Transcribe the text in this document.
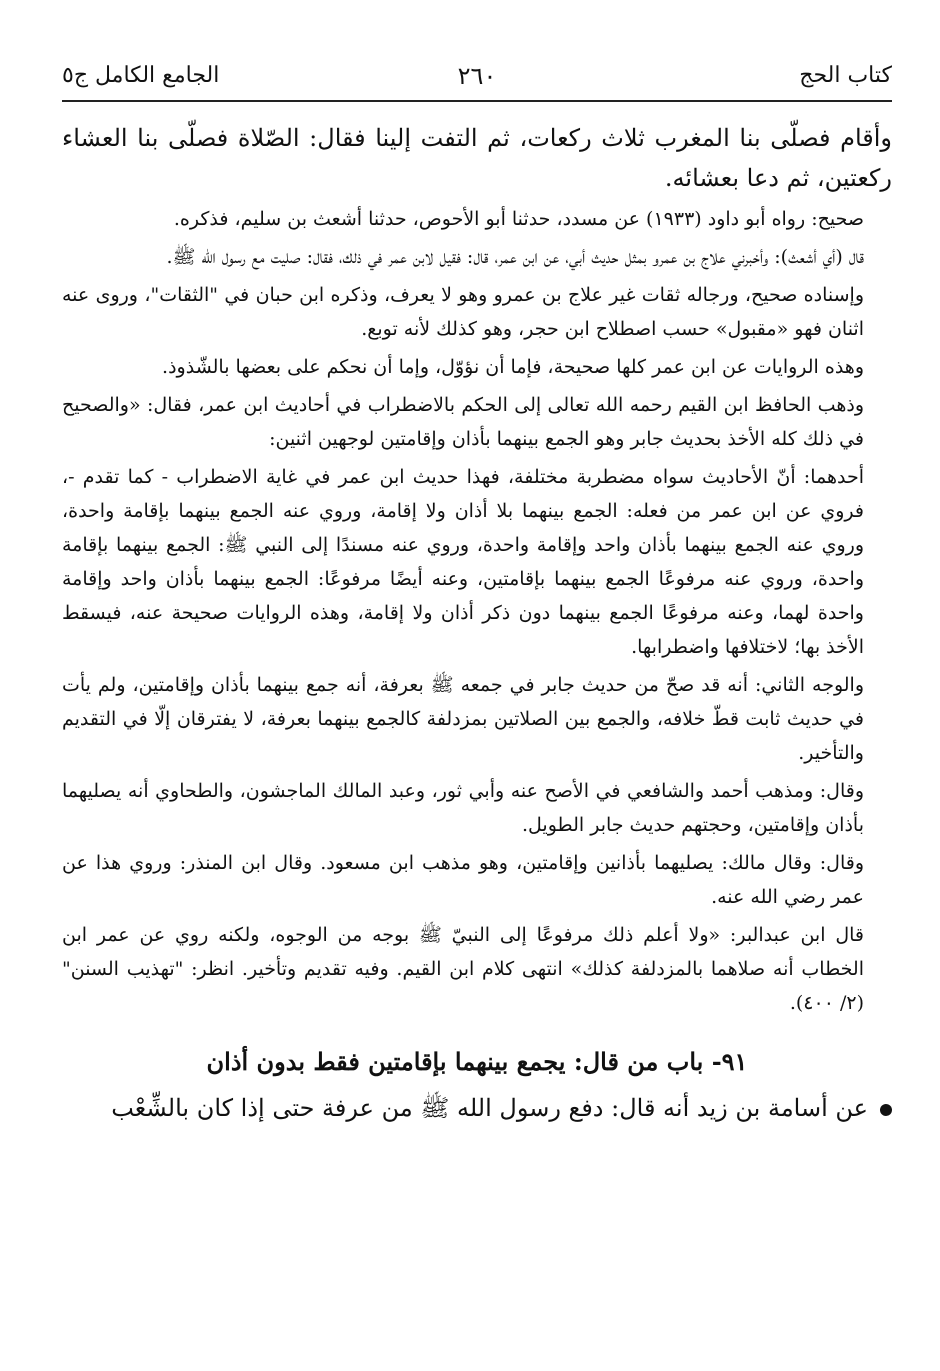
كتاب الحج
٢٦٠
الجامع الكامل ج٥

وأقام فصلّى بنا المغرب ثلاث ركعات، ثم التفت إلينا فقال: الصّلاة فصلّى بنا العشاء ركعتين، ثم دعا بعشائه.

صحيح: رواه أبو داود (١٩٣٣) عن مسدد، حدثنا أبو الأحوص، حدثنا أشعث بن سليم، فذكره.

قال (أي أشعث): وأخبرني علاج بن عمرو بمثل حديث أبي، عن ابن عمر، قال: فقيل لابن عمر في ذلك، فقال: صليت مع رسول الله ﷺ.

وإسناده صحيح، ورجاله ثقات غير علاج بن عمرو وهو لا يعرف، وذكره ابن حبان في "الثقات"، وروى عنه اثنان فهو «مقبول» حسب اصطلاح ابن حجر، وهو كذلك لأنه توبع.

وهذه الروايات عن ابن عمر كلها صحيحة، فإما أن نؤوّل، وإما أن نحكم على بعضها بالشّذوذ.

وذهب الحافظ ابن القيم رحمه الله تعالى إلى الحكم بالاضطراب في أحاديث ابن عمر، فقال: «والصحيح في ذلك كله الأخذ بحديث جابر وهو الجمع بينهما بأذان وإقامتين لوجهين اثنين:

أحدهما: أنّ الأحاديث سواه مضطربة مختلفة، فهذا حديث ابن عمر في غاية الاضطراب - كما تقدم -، فروي عن ابن عمر من فعله: الجمع بينهما بلا أذان ولا إقامة، وروي عنه الجمع بينهما بإقامة واحدة، وروي عنه الجمع بينهما بأذان واحد وإقامة واحدة، وروي عنه مسندًا إلى النبي ﷺ: الجمع بينهما بإقامة واحدة، وروي عنه مرفوعًا الجمع بينهما بإقامتين، وعنه أيضًا مرفوعًا: الجمع بينهما بأذان واحد وإقامة واحدة لهما، وعنه مرفوعًا الجمع بينهما دون ذكر أذان ولا إقامة، وهذه الروايات صحيحة عنه، فيسقط الأخذ بها؛ لاختلافها واضطرابها.

والوجه الثاني: أنه قد صحّ من حديث جابر في جمعه ﷺ بعرفة، أنه جمع بينهما بأذان وإقامتين، ولم يأت في حديث ثابت قطّ خلافه، والجمع بين الصلاتين بمزدلفة كالجمع بينهما بعرفة، لا يفترقان إلّا في التقديم والتأخير.

وقال: ومذهب أحمد والشافعي في الأصح عنه وأبي ثور، وعبد المالك الماجشون، والطحاوي أنه يصليهما بأذان وإقامتين، وحجتهم حديث جابر الطويل.

وقال: وقال مالك: يصليهما بأذانين وإقامتين، وهو مذهب ابن مسعود. وقال ابن المنذر: وروي هذا عن عمر رضي الله عنه.

قال ابن عبدالبر: «ولا أعلم ذلك مرفوعًا إلى النبيّ ﷺ بوجه من الوجوه، ولكنه روي عن عمر ابن الخطاب أنه صلاهما بالمزدلفة كذلك» انتهى كلام ابن القيم. وفيه تقديم وتأخير. انظر: "تهذيب السنن" (٢/ ٤٠٠).

٩١- باب من قال: يجمع بينهما بإقامتين فقط بدون أذان

عن أسامة بن زيد أنه قال: دفع رسول الله ﷺ من عرفة حتى إذا كان بالشِّعْب
